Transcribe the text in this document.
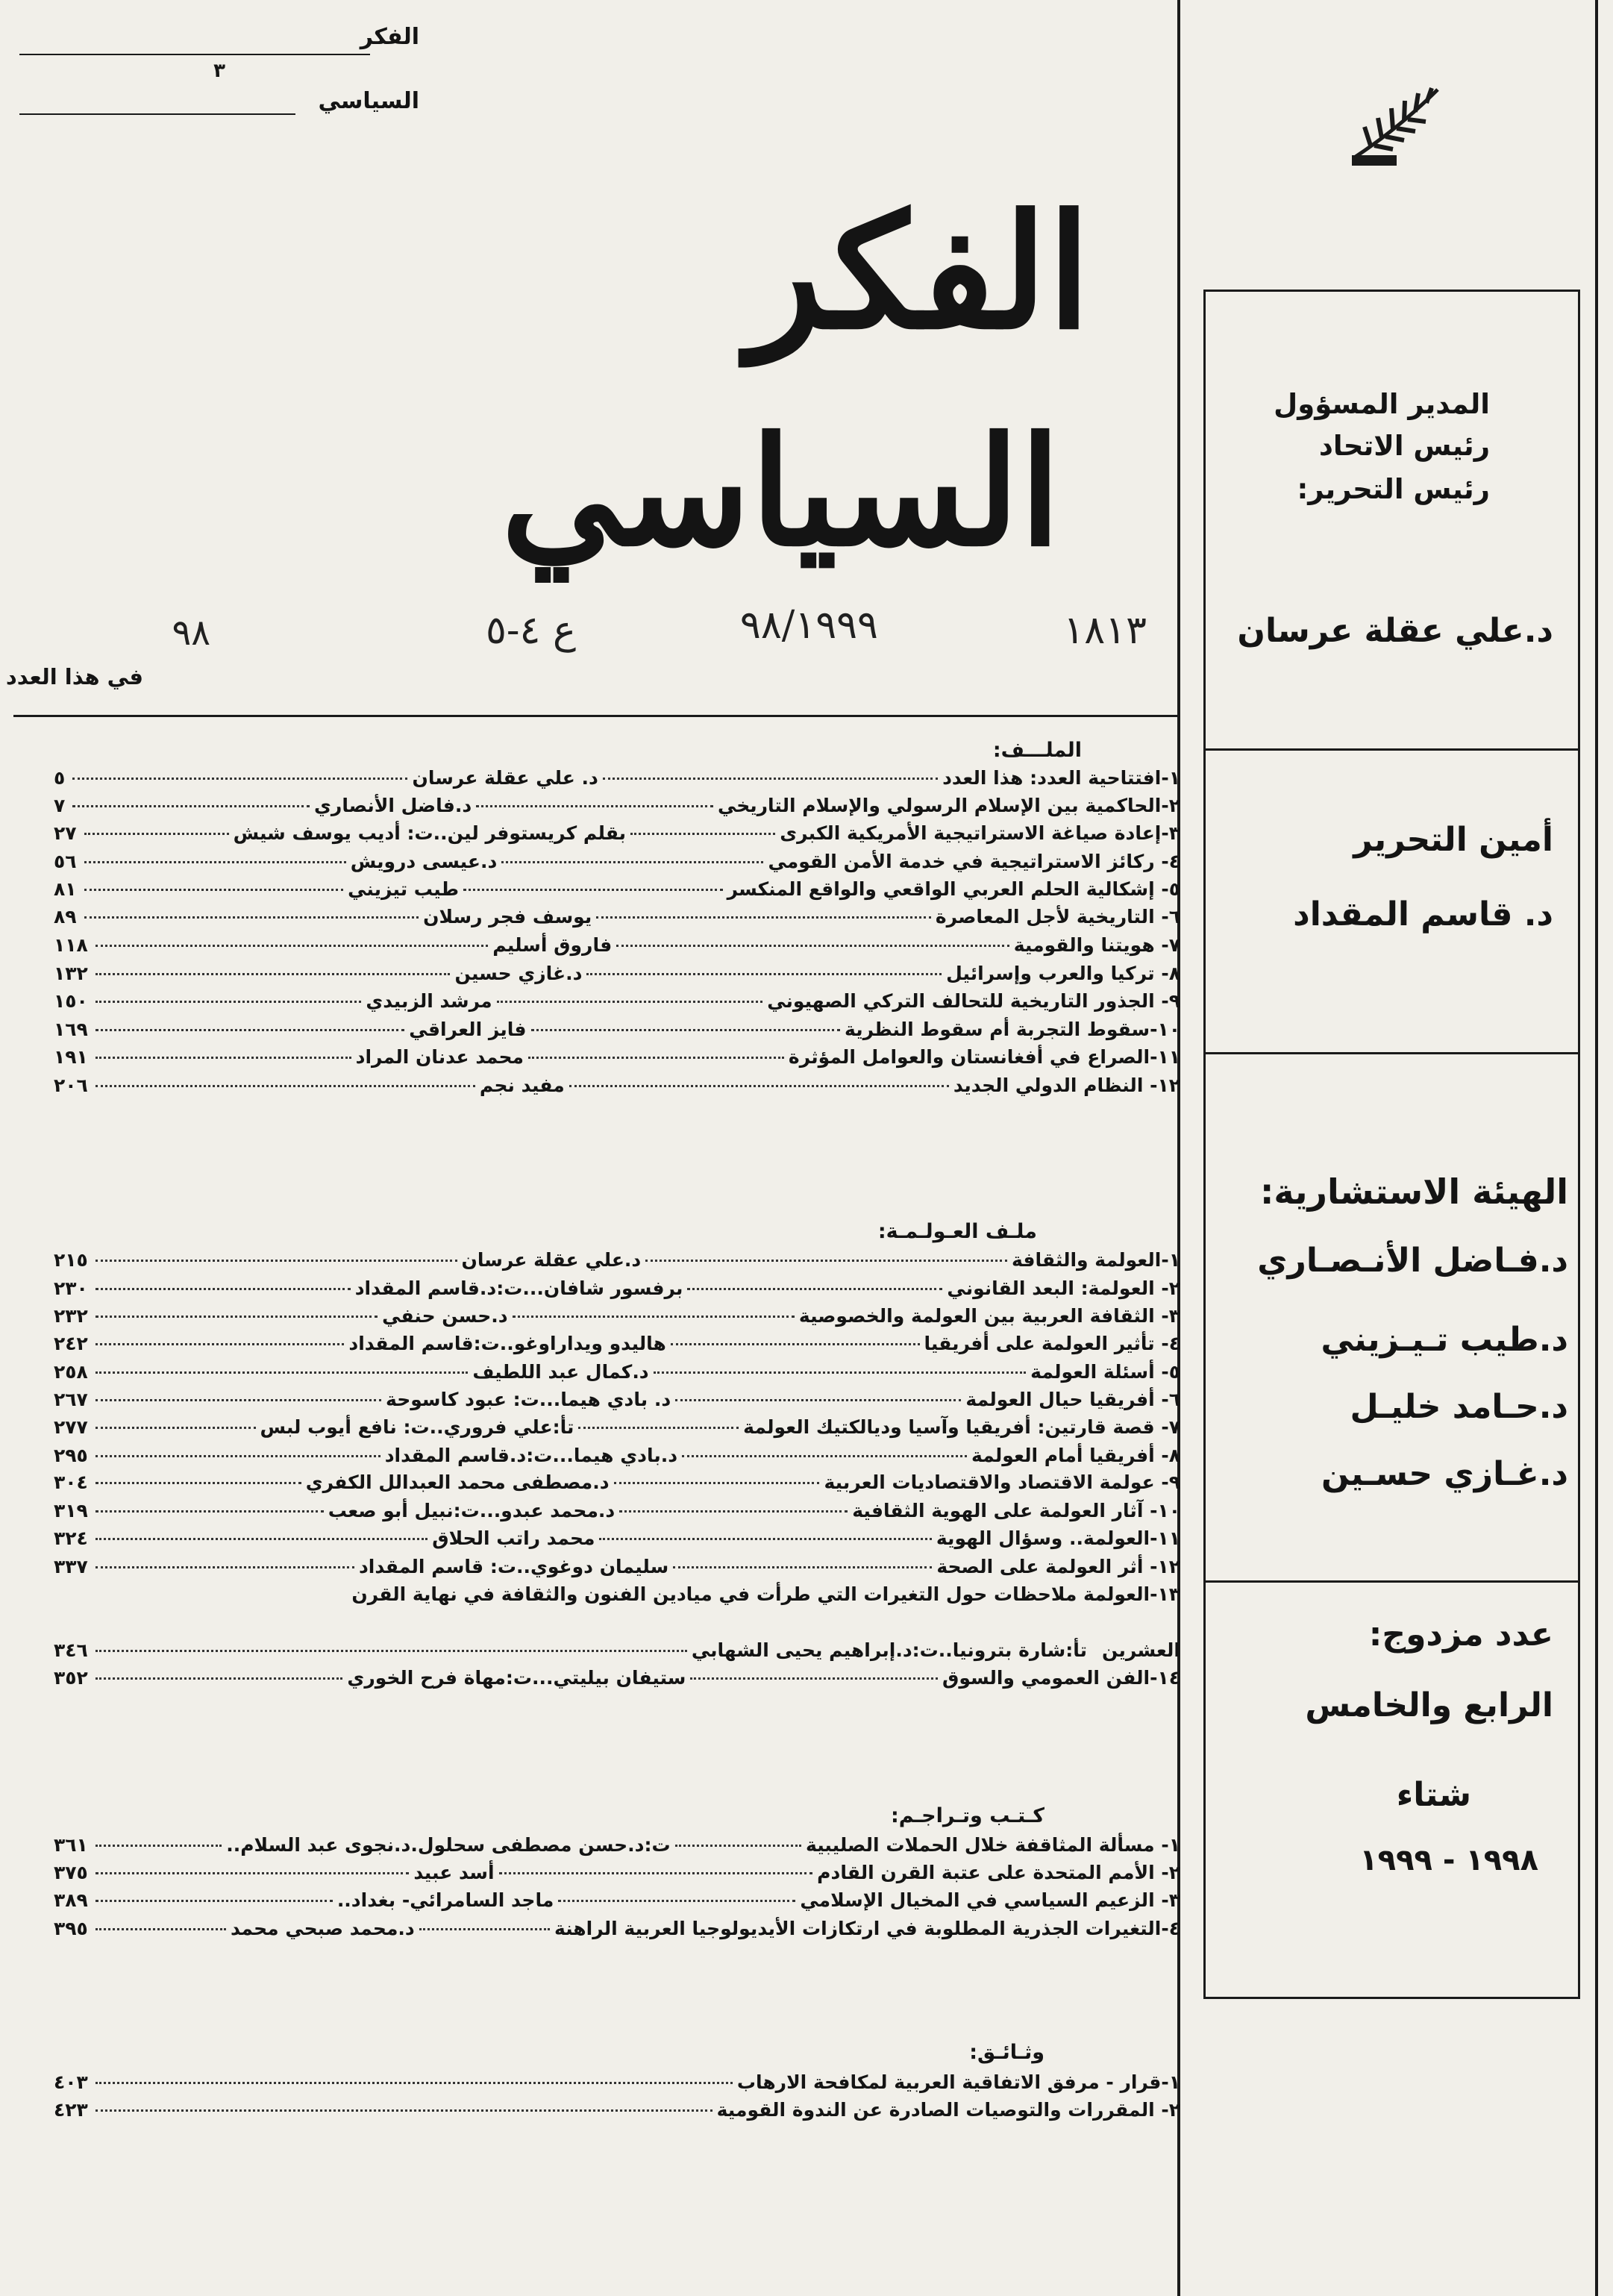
الفكر
٣
السياسي
الفكر
السياسي
١٨١٣
٩٨/١٩٩٩
ع ٤-٥
٩٨
في هذا العدد
الملـــف:
١
-افتتاحية العدد: هذا العدد
د. علي عقلة عرسان
٥
٢
-الحاكمية بين الإسلام الرسولي والإسلام التاريخي
د.فاضل الأنصاري
٧
٣
-إعادة صياغة الاستراتيجية الأمريكية الكبرى
بقلم كريستوفر لين..ت: أديب يوسف شيش
٢٧
٤
- ركائز الاستراتيجية في خدمة الأمن القومي
د.عيسى درويش
٥٦
٥
- إشكالية الحلم العربي الواقعي والواقع المنكسر
طيب تيزيني
٨١
٦
- التاريخية لأجل المعاصرة
يوسف فجر رسلان
٨٩
٧
- هويتنا والقومية
فاروق أسليم
١١٨
٨
- تركيا والعرب وإسرائيل
د.غازي حسين
١٣٢
٩
- الجذور التاريخية للتحالف التركي الصهيوني
مرشد الزبيدي
١٥٠
١٠
-سقوط التجربة أم سقوط النظرية
فايز العراقي
١٦٩
١١
-الصراع في أفغانستان والعوامل المؤثرة
محمد عدنان المراد
١٩١
١٢
- النظام الدولي الجديد
مفيد نجم
٢٠٦
ملـف العـولـمـة:
١
-العولمة والثقافة
د.علي عقلة عرسان
٢١٥
٢
- العولمة: البعد القانوني
برفسور شافان...ت:د.قاسم المقداد
٢٣٠
٣
- الثقافة العربية بين العولمة والخصوصية
د.حسن حنفي
٢٣٢
٤
- تأثير العولمة على أفريقيا
هاليدو ويداراوغو..ت:قاسم المقداد
٢٤٢
٥
- أسئلة العولمة
د.كمال عبد اللطيف
٢٥٨
٦
- أفريقيا حيال العولمة
د. بادي هيما...ت: عبود كاسوحة
٢٦٧
٧
- قصة قارتين: أفريقيا وآسيا وديالكتيك العولمة
تأ:علي فروري..ت: نافع أيوب لبس
٢٧٧
٨
- أفريقيا أمام العولمة
د.بادي هيما...ت:د.قاسم المقداد
٢٩٥
٩
- عولمة الاقتصاد والاقتصاديات العربية
د.مصطفى محمد العبدالل الكفري
٣٠٤
١٠
- آثار العولمة على الهوية الثقافية
د.محمد عبدو...ت:نبيل أبو صعب
٣١٩
١١
-العولمة.. وسؤال الهوية
محمد راتب الحلاق
٣٢٤
١٢
- أثر العولمة على الصحة
سليمان دوغوي..ت: قاسم المقداد
٣٣٧
١٣-العولمة ملاحظات حول التغيرات التي طرأت في ميادين الفنون والثقافة في نهاية القرن
العشرين
تأ:شارة بترونيا..ت:د.إبراهيم يحيى الشهابي
٣٤٦
١٤
-الفن العمومي والسوق
ستيفان بيليتي...ت:مهاة فرح الخوري
٣٥٢
كـتـب وتـراجـم:
١
- مسألة المثاقفة خلال الحملات الصليبية
ت:د.حسن مصطفى سحلول.د.نجوى عبد السلام..
٣٦١
٢
- الأمم المتحدة على عتبة القرن القادم
أسد عبيد
٣٧٥
٣
- الزعيم السياسي في المخيال الإسلامي
ماجد السامرائي- بغداد..
٣٨٩
٤
-التغيرات الجذرية المطلوبة في ارتكازات الأيديولوجيا العربية الراهنة
د.محمد صبحي محمد
٣٩٥
وثـائـق:
١
-قرار - مرفق الاتفاقية العربية لمكافحة الارهاب
٤٠٣
٢
- المقررات والتوصيات الصادرة عن الندوة القومية
٤٢٣
المدير المسؤول
رئيس الاتحاد
رئيس التحرير:
د.علي عقلة عرسان
أمين التحرير
د. قاسم المقداد
الهيئة الاستشارية:
د.فـاضل الأنـصـاري
د.طيب تـيـزيني
د.حـامد خليـل
د.غـازي حسـين
عدد مزدوج:
الرابع والخامس
شتاء
١٩٩٨ - ١٩٩٩
